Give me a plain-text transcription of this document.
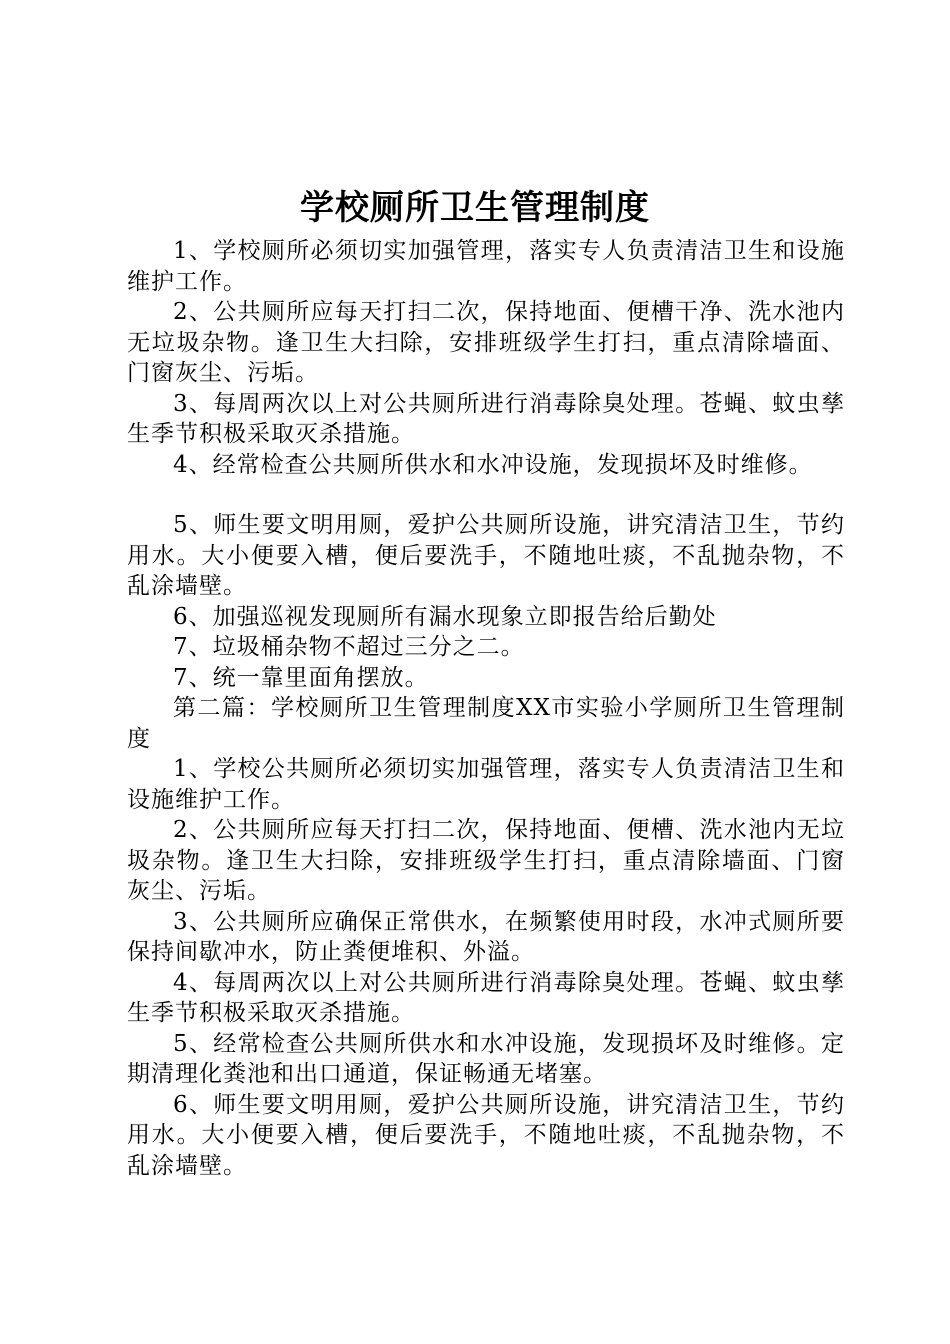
学校厕所卫生管理制度

1、学校厕所必须切实加强管理，落实专人负责清洁卫生和设施维护工作。

2、公共厕所应每天打扫二次，保持地面、便槽干净、洗水池内无垃圾杂物。逢卫生大扫除，安排班级学生打扫，重点清除墙面、门窗灰尘、污垢。

3、每周两次以上对公共厕所进行消毒除臭处理。苍蝇、蚊虫孳生季节积极采取灭杀措施。

4、经常检查公共厕所供水和水冲设施，发现损坏及时维修。

5、师生要文明用厕，爱护公共厕所设施，讲究清洁卫生，节约用水。大小便要入槽，便后要洗手，不随地吐痰，不乱抛杂物，不乱涂墙壁。

6、加强巡视发现厕所有漏水现象立即报告给后勤处

7、垃圾桶杂物不超过三分之二。

7、统一靠里面角摆放。

第二篇：学校厕所卫生管理制度XX市实验小学厕所卫生管理制度

1、学校公共厕所必须切实加强管理，落实专人负责清洁卫生和设施维护工作。

2、公共厕所应每天打扫二次，保持地面、便槽、洗水池内无垃圾杂物。逢卫生大扫除，安排班级学生打扫，重点清除墙面、门窗灰尘、污垢。

3、公共厕所应确保正常供水，在频繁使用时段，水冲式厕所要保持间歇冲水，防止粪便堆积、外溢。

4、每周两次以上对公共厕所进行消毒除臭处理。苍蝇、蚊虫孳生季节积极采取灭杀措施。

5、经常检查公共厕所供水和水冲设施，发现损坏及时维修。定期清理化粪池和出口通道，保证畅通无堵塞。

6、师生要文明用厕，爱护公共厕所设施，讲究清洁卫生，节约用水。大小便要入槽，便后要洗手，不随地吐痰，不乱抛杂物，不乱涂墙壁。
